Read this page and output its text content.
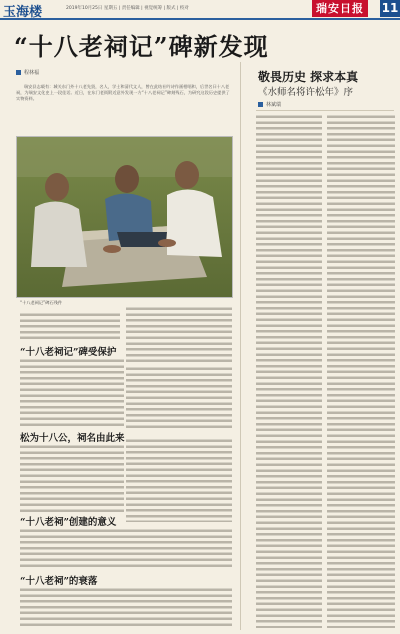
玉海楼	2019年10月25日 星期五 | 责任编辑 | 视觉统筹 | 版式 | 校对	瑞安日报	11
“十八老祠记”碑新发现
程林福
瑞安县志载有：城关东门外十八老先贤，名人，学士和清代文人，曾在此结社吟诗作画相唱和，后世名曰十八老祠，为瑞安文化史上一段佳话。近日，在东门老街附近意外发现一方“十八老祠记”碑刻残石，为研究这段历史提供了实物资料。
“十八老祠记”碑石残件
“十八老祠记”碑受保护
松为十八公，祠名由此来
“十八老祠”创建的意义
“十八老祠”的衰落
敬畏历史 探求本真
《水师名将许松年》序
林斌瑞
